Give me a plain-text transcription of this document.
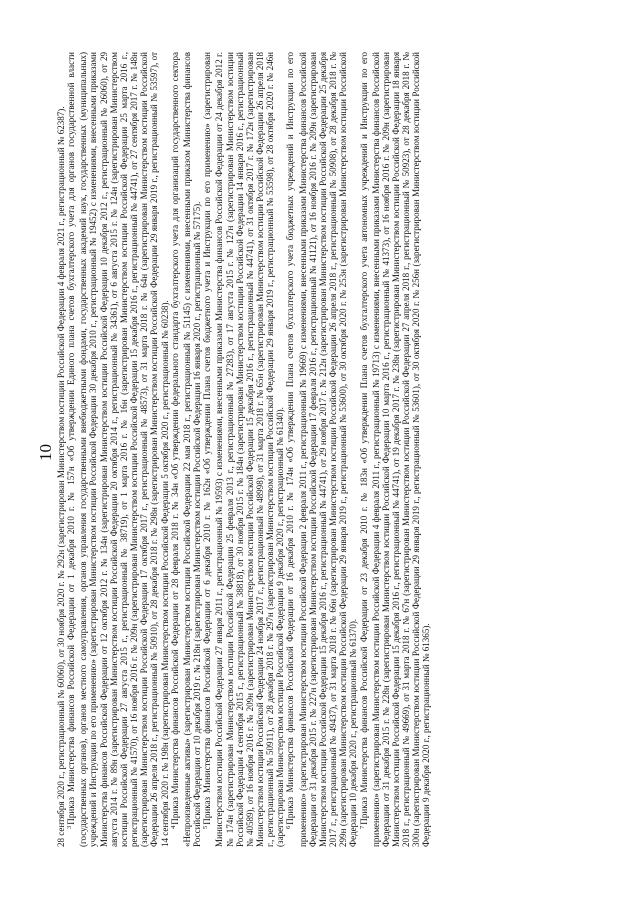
10 28 сентября 2020 г., регистрационный № 60060), от 30 ноября 2020 г. № 292н (зарегистрирован Министерством юстиции Российской Федерации 4 февраля 2021 г., регистрационный № 62387). $^3$Приказ Министерства финансов Российской Федерации от 1 декабря 2010 г. № 157н «Об утверждении Единого плана счетов бухгалтерского учета для органов государственной власти (государственных органов), органов местного самоуправления, органов управления государственными внебюджетными фондами, государственных академий наук, государственных (муниципальных) учреждений и Инструкции по его применению» (зарегистрирован Министерством юстиции Российской Федерации 30 декабря 2010 г., регистрационный № 19452) с изменениями, внесенными приказами Министерства финансов Российской Федерации от 12 октября 2012 г. № 134н (зарегистрирован Министерством юстиции Российской Федерации 10 декабря 2012 г., регистрационный № 26060), от 29 августа 2014 г. № 89н (зарегистрирован Министерством юстиции Российской Федерации 20 октября 2014 г., регистрационный № 34361), от 6 августа 2015 г. № 124н (зарегистрирован Министерством юстиции Российской Федерации 27 августа 2015 г., регистрационный № 38719), от 1 марта 2016 г. № 16н (зарегистрирован Министерством юстиции Российской Федерации 25 марта 2016 г., регистрационный № 41570), от 16 ноября 2016 г. № 209н (зарегистрирован Министерством юстиции Российской Федерации 15 декабря 2016 г., регистрационный № 44741), от 27 сентября 2017 г. № 148н (зарегистрирован Министерством юстиции Российской Федерации 17 октября 2017 г., регистрационный № 48573), от 31 марта 2018 г. № 64н (зарегистрирован Министерством юстиции Российской Федерации 26 апреля 2018 г., регистрационный № 50910), от 28 декабря 2018 г. № 298н (зарегистрирован Министерством юстиции Российской Федерации 29 января 2019 г., регистрационный № 53597), от 14 сентября 2020 г. № 198н (зарегистрирован Министерством юстиции Российской Федерации 5 октября 2020 г., регистрационный № 60238). $^4$Приказ Министерства финансов Российской Федерации от 28 февраля 2018 г. № 34н «Об утверждении федерального стандарта бухгалтерского учета для организаций государственного сектора «Непроизведенные активы» (зарегистрирован Министерством юстиции Российской Федерации 22 мая 2018 г., регистрационный № 51145) с изменениями, внесенными приказом Министерства финансов Российской Федерации от 10 декабря 2019 г. № 218н (зарегистрирован Министерством юстиции Российской Федерации 16 января 2020 г., регистрационный № 57175). $^5$Приказ Министерства финансов Российской Федерации от 6 декабря 2010 г. № 162н «Об утверждении Плана счетов бюджетного учета и Инструкции по его применению» (зарегистрирован Министерством юстиции Российской Федерации 27 января 2011 г., регистрационный № 19593) с изменениями, внесенными приказами Министерства финансов Российской Федерации от 24 декабря 2012 г. № 174н (зарегистрирован Министерством юстиции Российской Федерации 25 февраля 2013 г., регистрационный № 27283), от 17 августа 2015 г. № 127н (зарегистрирован Министерством юстиции Российской Федерации 4 сентября 2015 г., регистрационный № 38818), от 30 ноября 2015 г. № 184н (зарегистрирован Министерством юстиции Российской Федерации 14 января 2016 г., регистрационный № 40589), от 16 ноября 2016 г. № 209н (зарегистрирован Министерством юстиции Российской Федерации 15 декабря 2016 г., регистрационный № 44741), от 31 октября 2017 г. № 172н (зарегистрирован Министерством юстиции Российской Федерации 24 ноября 2017 г., регистрационный № 48998), от 31 марта 2018 г. № 65н (зарегистрирован Министерством юстиции Российской Федерации 26 апреля 2018 г., регистрационный № 50911), от 28 декабря 2018 г. № 297н (зарегистрирован Министерством юстиции Российской Федерации 29 января 2019 г., регистрационный № 53598), от 28 октября 2020 г. № 246н (зарегистрирован Министерством юстиции Российской Федерации 9 декабря 2020 г., регистрационный № 61340). $^6$Приказ Министерства финансов Российской Федерации от 16 декабря 2010 г. № 174н «Об утверждении Плана счетов бухгалтерского учета бюджетных учреждений и Инструкции по его применению» (зарегистрирован Министерством юстиции Российской Федерации 2 февраля 2011 г., регистрационный № 19669) с изменениями, внесенными приказами Министерства финансов Российской Федерации от 31 декабря 2015 г. № 227н (зарегистрирован Министерством юстиции Российской Федерации 17 февраля 2016 г., регистрационный № 41121), от 16 ноября 2016 г. № 209н (зарегистрирован Министерством юстиции Российской Федерации 15 декабря 2016 г., регистрационный № 44741), от 29 ноября 2017 г. № 212н (зарегистрирован Министерством юстиции Российской Федерации 25 декабря 2017 г., регистрационный № 49437), от 31 марта 2018 г. № 66н (зарегистрирован Министерством юстиции Российской Федерации 26 апреля 2018 г., регистрационный № 50908), от 28 декабря 2018 г. № 299н (зарегистрирован Министерством юстиции Российской Федерации 29 января 2019 г., регистрационный № 53600), от 30 октября 2020 г. № 253н (зарегистрирован Министерством юстиции Российской Федерации 10 декабря 2020 г., регистрационный № 61370). $^7$Приказ Министерства финансов Российской Федерации от 23 декабря 2010 г. № 183н «Об утверждении Плана счетов бухгалтерского учета автономных учреждений и Инструкции по его применению» (зарегистрирован Министерством юстиции Российской Федерации 4 февраля 2011 г., регистрационный № 19713) с изменениями, внесенными приказами Министерства финансов Российской Федерации от 31 декабря 2015 г. № 228н (зарегистрирован Министерством юстиции Российской Федерации 10 марта 2016 г., регистрационный № 41373), от 16 ноября 2016 г. № 209н (зарегистрирован Министерством юстиции Российской Федерации 15 декабря 2016 г., регистрационный № 44741), от 19 декабря 2017 г. № 238н (зарегистрирован Министерством юстиции Российской Федерации 18 января 2018 г., регистрационный № 49669), от 31 марта 2018 г. № 67н (зарегистрирован Министерством юстиции Российской Федерации 27 апреля 2018 г., регистрационный № 50923), от 28 декабря 2018 г. № 300н (зарегистрирован Министерством юстиции Российской Федерации 29 января 2019 г., регистрационный № 53601), от 30 октября 2020 г. № 256н (зарегистрирован Министерством юстиции Российской Федерации 9 декабря 2020 г., регистрационный № 61365).
